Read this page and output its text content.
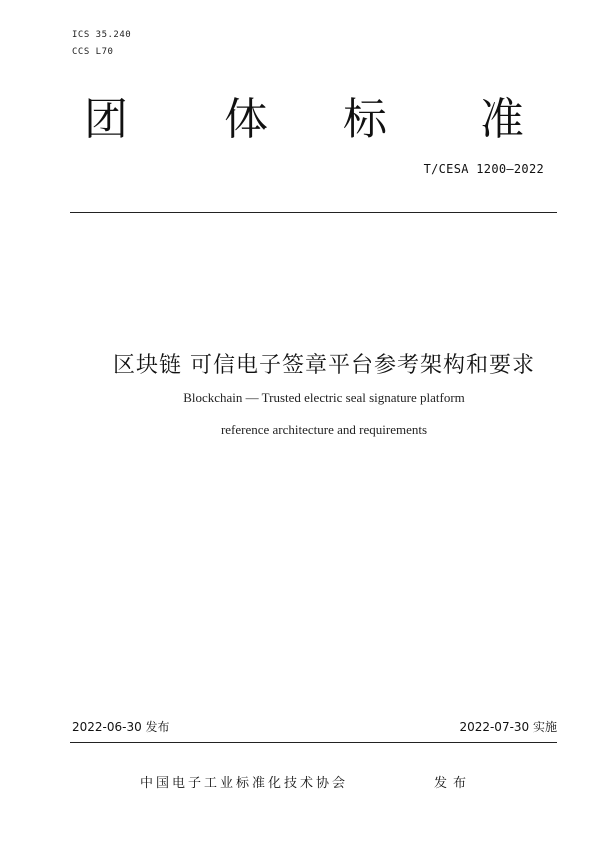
ICS 35.240
CCS L70
团 体 标 准
T/CESA 1200—2022
区块链 可信电子签章平台参考架构和要求
Blockchain — Trusted electric seal signature platform
reference architecture and requirements
2022-06-30 发布	2022-07-30 实施
中国电子工业标准化技术协会	发布
